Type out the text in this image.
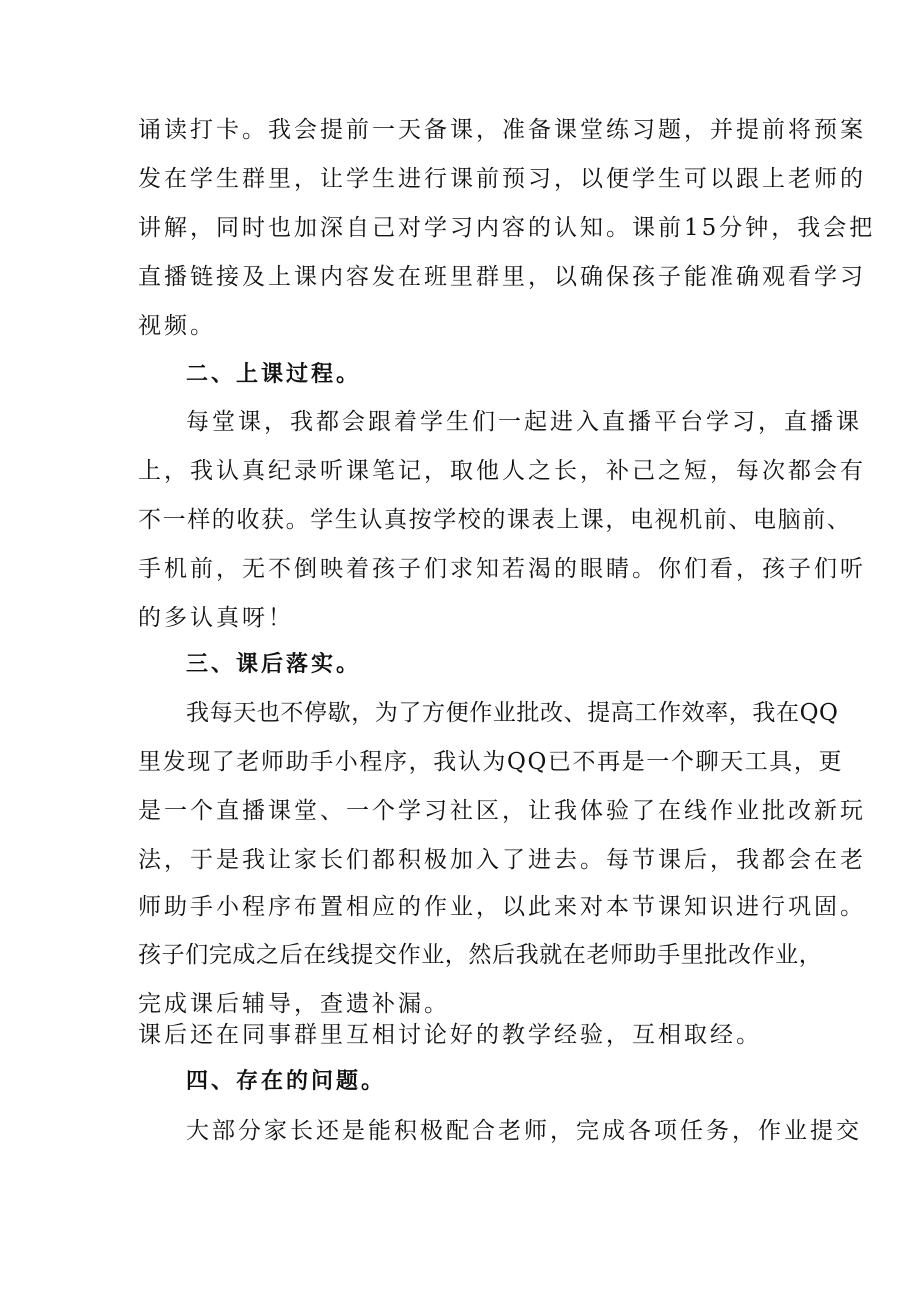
诵读打卡。我会提前一天备课，准备课堂练习题，并提前将预案
发在学生群里，让学生进行课前预习，以便学生可以跟上老师的
讲解，同时也加深自己对学习内容的认知。课前15分钟，我会把
直播链接及上课内容发在班里群里，以确保孩子能准确观看学习
视频。
二、上课过程。
每堂课，我都会跟着学生们一起进入直播平台学习，直播课
上，我认真纪录听课笔记，取他人之长，补己之短，每次都会有
不一样的收获。学生认真按学校的课表上课，电视机前、电脑前、
手机前，无不倒映着孩子们求知若渴的眼睛。你们看，孩子们听
的多认真呀！
三、课后落实。
我每天也不停歇，为了方便作业批改、提高工作效率，我在QQ
里发现了老师助手小程序，我认为QQ已不再是一个聊天工具，更
是一个直播课堂、一个学习社区，让我体验了在线作业批改新玩
法，于是我让家长们都积极加入了进去。每节课后，我都会在老
师助手小程序布置相应的作业，以此来对本节课知识进行巩固。
孩子们完成之后在线提交作业，然后我就在老师助手里批改作业，
完成课后辅导，查遗补漏。
课后还在同事群里互相讨论好的教学经验，互相取经。
四、存在的问题。
大部分家长还是能积极配合老师，完成各项任务，作业提交
